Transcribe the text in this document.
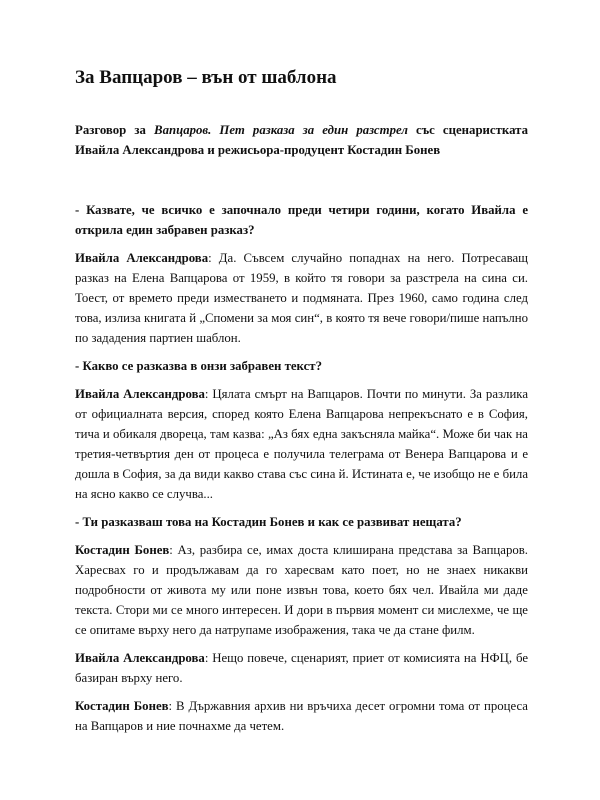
За Вапцаров – вън от шаблона

Разговор за Вапцаров. Пет разказа за един разстрел със сценаристката Ивайла Александрова и режисьора-продуцент Костадин Бонев

- Казвате, че всичко е започнало преди четири години, когато Ивайла е открила един забравен разказ?

Ивайла Александрова: Да. Съвсем случайно попаднах на него. Потресаващ разказ на Елена Вапцарова от 1959, в който тя говори за разстрела на сина си. Тоест, от времето преди изместването и подмяната. През 1960, само година след това, излиза книгата й „Спомени за моя син“, в която тя вече говори/пише напълно по зададения партиен шаблон.

- Какво се разказва в онзи забравен текст?

Ивайла Александрова: Цялата смърт на Вапцаров. Почти по минути. За разлика от официалната версия, според която Елена Вапцарова непрекъснато е в София, тича и обикаля двореца, там казва: „Аз бях една закъсняла майка“. Може би чак на третия-четвъртия ден от процеса е получила телеграма от Венера Вапцарова и е дошла в София, за да види какво става със сина й. Истината е, че изобщо не е била на ясно какво се случва...

- Ти разказваш това на Костадин Бонев и как се развиват нещата?

Костадин Бонев: Аз, разбира се, имах доста клиширана представа за Вапцаров. Харесвах го и продължавам да го харесвам като поет, но не знаех никакви подробности от живота му или поне извън това, което бях чел. Ивайла ми даде текста. Стори ми се много интересен. И дори в първия момент си мислехме, че ще се опитаме върху него да натрупаме изображения, така че да стане филм.

Ивайла Александрова: Нещо повече, сценарият, приет от комисията на НФЦ, бе базиран върху него.

Костадин Бонев: В Държавния архив ни връчиха десет огромни тома от процеса на Вапцаров и ние почнахме да четем.
